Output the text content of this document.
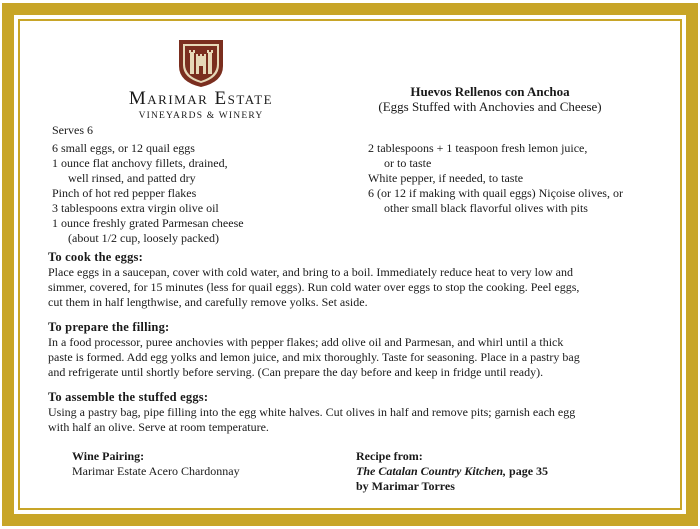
Marimar Estate
VINEYARDS & WINERY
Huevos Rellenos con Anchoa
(Eggs Stuffed with Anchovies and Cheese)
Serves 6
6 small eggs, or 12 quail eggs
1 ounce flat anchovy fillets, drained,
well rinsed, and patted dry
Pinch of hot red pepper flakes
3 tablespoons extra virgin olive oil
1 ounce freshly grated Parmesan cheese
(about 1/2 cup, loosely packed)
2 tablespoons + 1 teaspoon fresh lemon juice,
or to taste
White pepper, if needed, to taste
6 (or 12 if making with quail eggs) Niçoise olives, or
other small black flavorful olives with pits
To cook the eggs:
Place eggs in a saucepan, cover with cold water, and bring to a boil. Immediately reduce heat to very low and
simmer, covered, for 15 minutes (less for quail eggs). Run cold water over eggs to stop the cooking. Peel eggs,
cut them in half lengthwise, and carefully remove yolks. Set aside.
To prepare the filling:
In a food processor, puree anchovies with pepper flakes; add olive oil and Parmesan, and whirl until a thick
paste is formed. Add egg yolks and lemon juice, and mix thoroughly. Taste for seasoning. Place in a pastry bag
and refrigerate until shortly before serving. (Can prepare the day before and keep in fridge until ready).
To assemble the stuffed eggs:
Using a pastry bag, pipe filling into the egg white halves. Cut olives in half and remove pits; garnish each egg
with half an olive. Serve at room temperature.
Wine Pairing:
Marimar Estate Acero Chardonnay
Recipe from:
The Catalan Country Kitchen, page 35
by Marimar Torres
